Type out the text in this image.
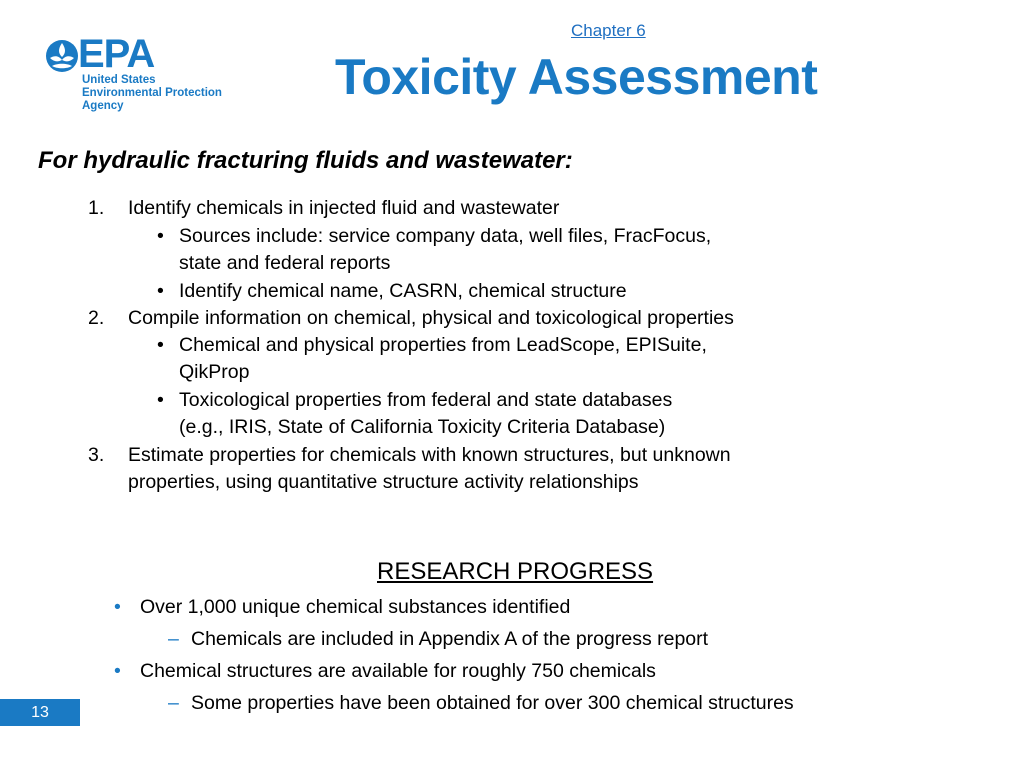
EPA
United States
Environmental Protection
Agency
Chapter 6
Toxicity Assessment
For hydraulic fracturing fluids and wastewater:
1. Identify chemicals in injected fluid and wastewater
• Sources include: service company data, well files, FracFocus,
state and federal reports
• Identify chemical name, CASRN, chemical structure
2. Compile information on chemical, physical and toxicological properties
• Chemical and physical properties from LeadScope, EPISuite,
QikProp
• Toxicological properties from federal and state databases
(e.g., IRIS, State of California Toxicity Criteria Database)
3. Estimate properties for chemicals with known structures, but unknown
properties, using quantitative structure activity relationships
RESEARCH PROGRESS
• Over 1,000 unique chemical substances identified
– Chemicals are included in Appendix A of the progress report
• Chemical structures are available for roughly 750 chemicals
– Some properties have been obtained for over 300 chemical structures
13
